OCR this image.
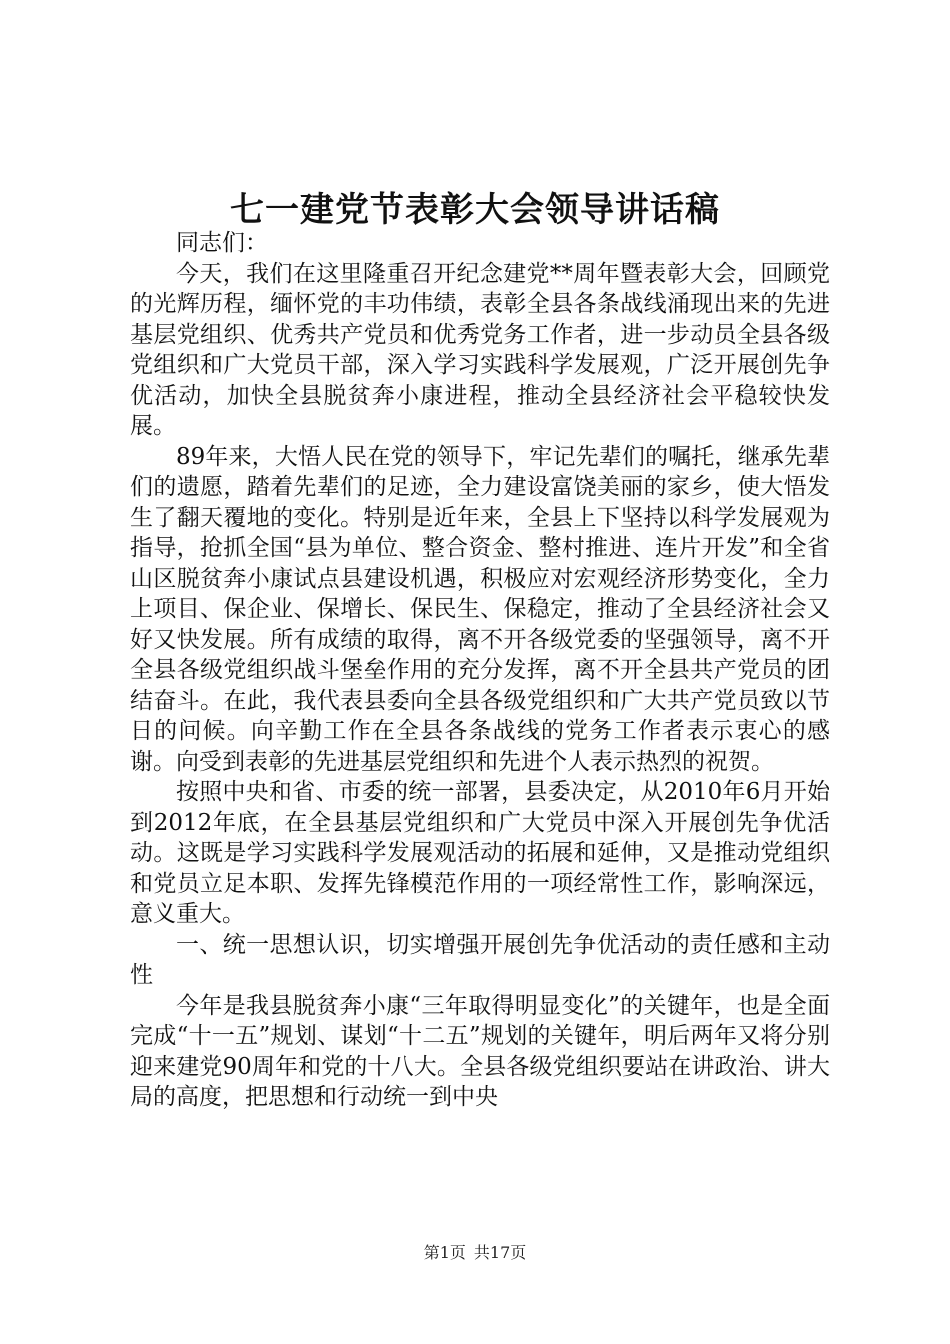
七一建党节表彰大会领导讲话稿

同志们：

今天，我们在这里隆重召开纪念建党**周年暨表彰大会，回顾党的光辉历程，缅怀党的丰功伟绩，表彰全县各条战线涌现出来的先进基层党组织、优秀共产党员和优秀党务工作者，进一步动员全县各级党组织和广大党员干部，深入学习实践科学发展观，广泛开展创先争优活动，加快全县脱贫奔小康进程，推动全县经济社会平稳较快发展。

89年来，大悟人民在党的领导下，牢记先辈们的嘱托，继承先辈们的遗愿，踏着先辈们的足迹，全力建设富饶美丽的家乡，使大悟发生了翻天覆地的变化。特别是近年来，全县上下坚持以科学发展观为指导，抢抓全国“县为单位、整合资金、整村推进、连片开发”和全省山区脱贫奔小康试点县建设机遇，积极应对宏观经济形势变化，全力上项目、保企业、保增长、保民生、保稳定，推动了全县经济社会又好又快发展。所有成绩的取得，离不开各级党委的坚强领导，离不开全县各级党组织战斗堡垒作用的充分发挥，离不开全县共产党员的团结奋斗。在此，我代表县委向全县各级党组织和广大共产党员致以节日的问候。向辛勤工作在全县各条战线的党务工作者表示衷心的感谢。向受到表彰的先进基层党组织和先进个人表示热烈的祝贺。

按照中央和省、市委的统一部署，县委决定，从2010年6月开始到2012年底，在全县基层党组织和广大党员中深入开展创先争优活动。这既是学习实践科学发展观活动的拓展和延伸，又是推动党组织和党员立足本职、发挥先锋模范作用的一项经常性工作，影响深远，意义重大。

一、统一思想认识，切实增强开展创先争优活动的责任感和主动性

今年是我县脱贫奔小康“三年取得明显变化”的关键年，也是全面完成“十一五”规划、谋划“十二五”规划的关键年，明后两年又将分别迎来建党90周年和党的十八大。全县各级党组织要站在讲政治、讲大局的高度，把思想和行动统一到中央

第1页 共17页
